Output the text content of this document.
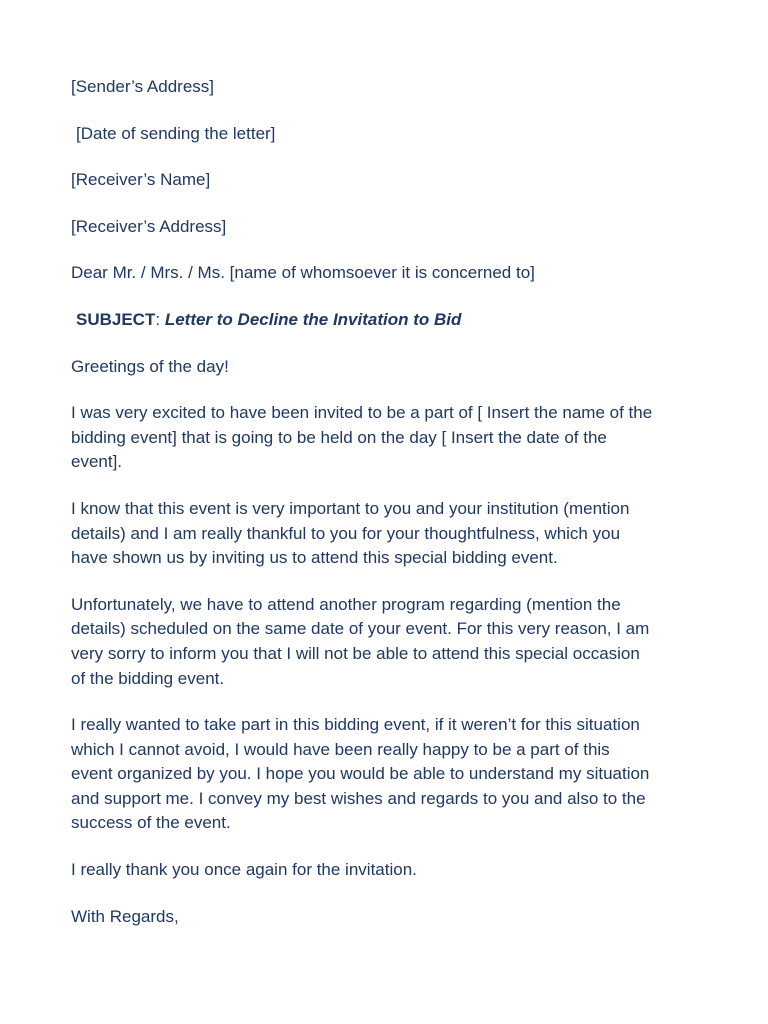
[Sender’s Address]

[Date of sending the letter]

[Receiver’s Name]

[Receiver’s Address]

Dear Mr. / Mrs. / Ms. [name of whomsoever it is concerned to]

SUBJECT: Letter to Decline the Invitation to Bid

Greetings of the day!

I was very excited to have been invited to be a part of [ Insert the name of the
bidding event] that is going to be held on the day [ Insert the date of the
event].

I know that this event is very important to you and your institution (mention
details) and I am really thankful to you for your thoughtfulness, which you
have shown us by inviting us to attend this special bidding event.

Unfortunately, we have to attend another program regarding (mention the
details) scheduled on the same date of your event. For this very reason, I am
very sorry to inform you that I will not be able to attend this special occasion
of the bidding event.

I really wanted to take part in this bidding event, if it weren’t for this situation
which I cannot avoid, I would have been really happy to be a part of this
event organized by you. I hope you would be able to understand my situation
and support me. I convey my best wishes and regards to you and also to the
success of the event.

I really thank you once again for the invitation.

With Regards,
